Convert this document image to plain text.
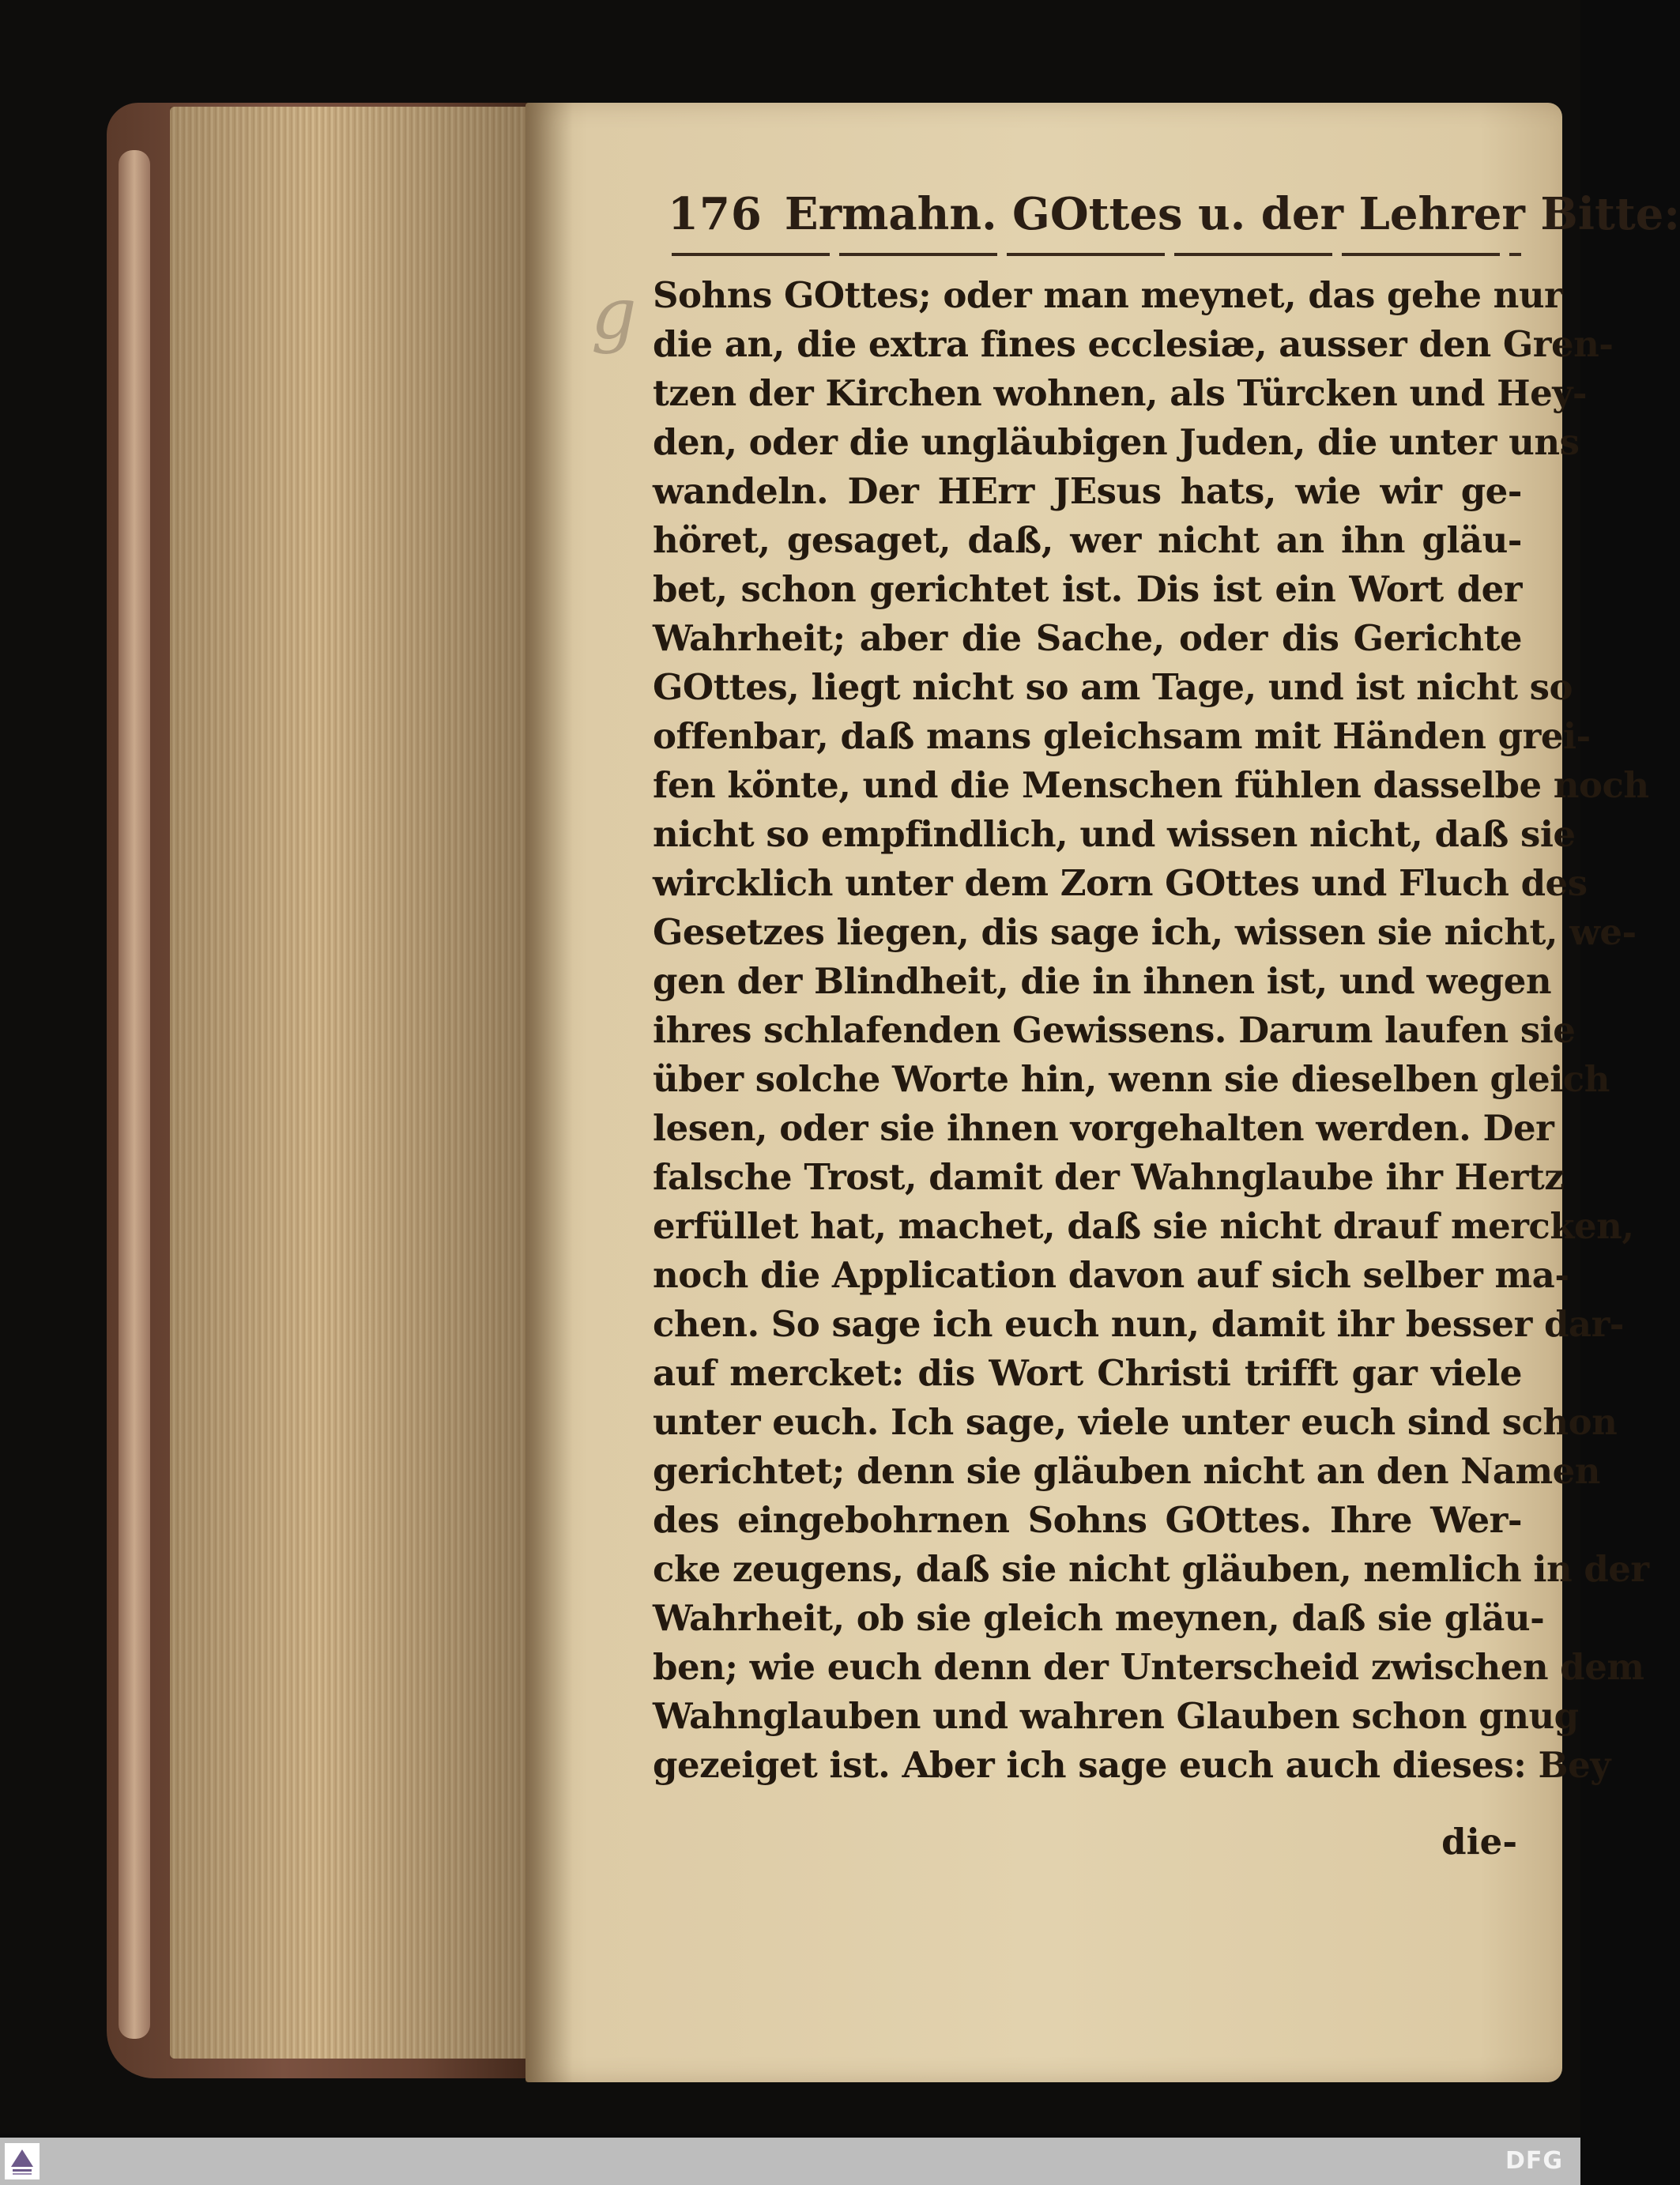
g
176 Ermahn. GOttes u. der Lehrer Bitte:
Sohns GOttes; oder man meynet, das gehe nur
die an, die extra fines ecclesiæ, ausser den Gren-
tzen der Kirchen wohnen, als Türcken und Hey-
den, oder die ungläubigen Juden, die unter uns
wandeln. Der HErr JEsus hats, wie wir ge-
höret, gesaget, daß, wer nicht an ihn gläu-
bet, schon gerichtet ist. Dis ist ein Wort der
Wahrheit; aber die Sache, oder dis Gerichte
GOttes, liegt nicht so am Tage, und ist nicht so
offenbar, daß mans gleichsam mit Händen grei-
fen könte, und die Menschen fühlen dasselbe noch
nicht so empfindlich, und wissen nicht, daß sie
wircklich unter dem Zorn GOttes und Fluch des
Gesetzes liegen, dis sage ich, wissen sie nicht, we-
gen der Blindheit, die in ihnen ist, und wegen
ihres schlafenden Gewissens. Darum laufen sie
über solche Worte hin, wenn sie dieselben gleich
lesen, oder sie ihnen vorgehalten werden. Der
falsche Trost, damit der Wahnglaube ihr Hertz
erfüllet hat, machet, daß sie nicht drauf mercken,
noch die Application davon auf sich selber ma-
chen. So sage ich euch nun, damit ihr besser dar-
auf mercket: dis Wort Christi trifft gar viele
unter euch. Ich sage, viele unter euch sind schon
gerichtet; denn sie gläuben nicht an den Namen
des eingebohrnen Sohns GOttes. Ihre Wer-
cke zeugens, daß sie nicht gläuben, nemlich in der
Wahrheit, ob sie gleich meynen, daß sie gläu-
ben; wie euch denn der Unterscheid zwischen dem
Wahnglauben und wahren Glauben schon gnug
gezeiget ist. Aber ich sage euch auch dieses: Bey
die-
DFG
